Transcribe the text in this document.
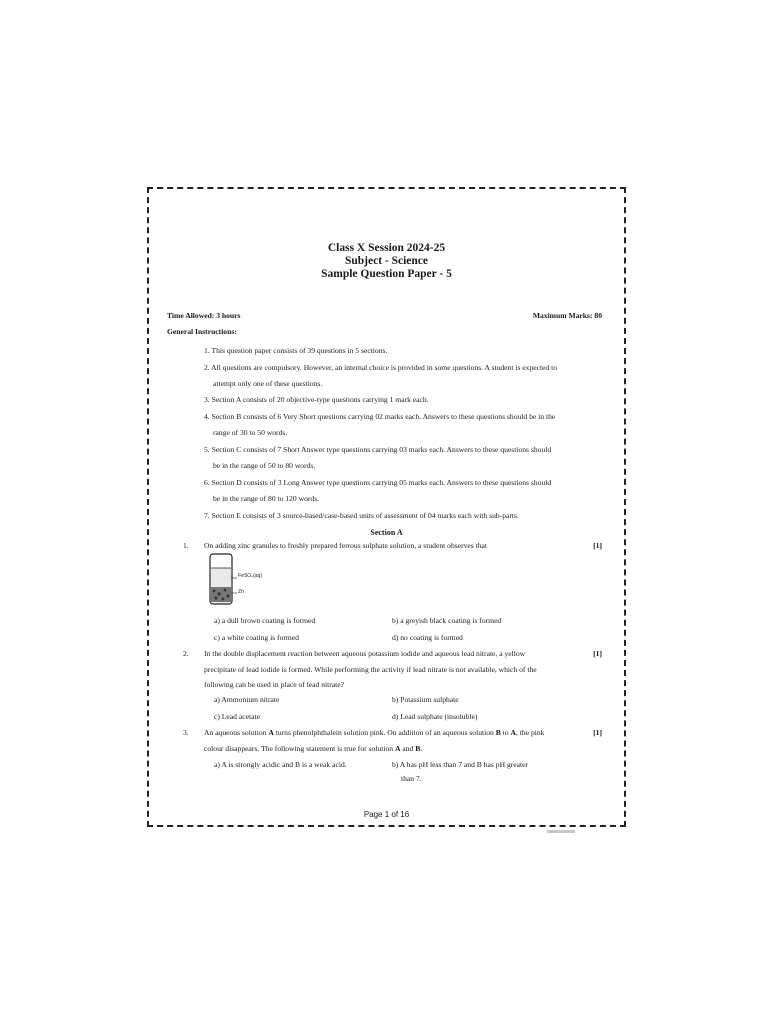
Class X Session 2024-25
Subject - Science
Sample Question Paper - 5
Time Allowed: 3 hours	Maximum Marks: 80
General Instructions:
1. This question paper consists of 39 questions in 5 sections.
2. All questions are compulsory. However, an internal choice is provided in some questions. A student is expected to
attempt only one of these questions.
3. Section A consists of 20 objective-type questions carrying 1 mark each.
4. Section B consists of 6 Very Short questions carrying 02 marks each. Answers to these questions should be in the
range of 30 to 50 words.
5. Section C consists of 7 Short Answer type questions carrying 03 marks each. Answers to these questions should
be in the range of 50 to 80 words.
6. Section D consists of 3 Long Answer type questions carrying 05 marks each. Answers to these questions should
be in the range of 80 to 120 words.
7. Section E consists of 3 source-based/case-based units of assessment of 04 marks each with sub-parts.
Section A
1. On adding zinc granules to freshly prepared ferrous sulphate solution, a student observes that	[1]
FeSO₄(aq)
Zn
a) a dull brown coating is formed	b) a greyish black coating is formed
c) a white coating is formed	d) no coating is formed
2. In the double displacement reaction between aqueous potassium iodide and aqueous lead nitrate, a yellow	[1]
precipitate of lead iodide is formed. While performing the activity if lead nitrate is not available, which of the
following can be used in place of lead nitrate?
a) Ammonium nitrate	b) Potassium sulphate
c) Lead acetate	d) Lead sulphate (insoluble)
3. An aqueous solution A turns phenolphthalein solution pink. On addition of an aqueous solution B to A, the pink	[1]
colour disappears. The following statement is true for solution A and B.
a) A is strongly acidic and B is a weak acid.	b) A has pH less than 7 and B has pH greater
than 7.
Page 1 of 16
